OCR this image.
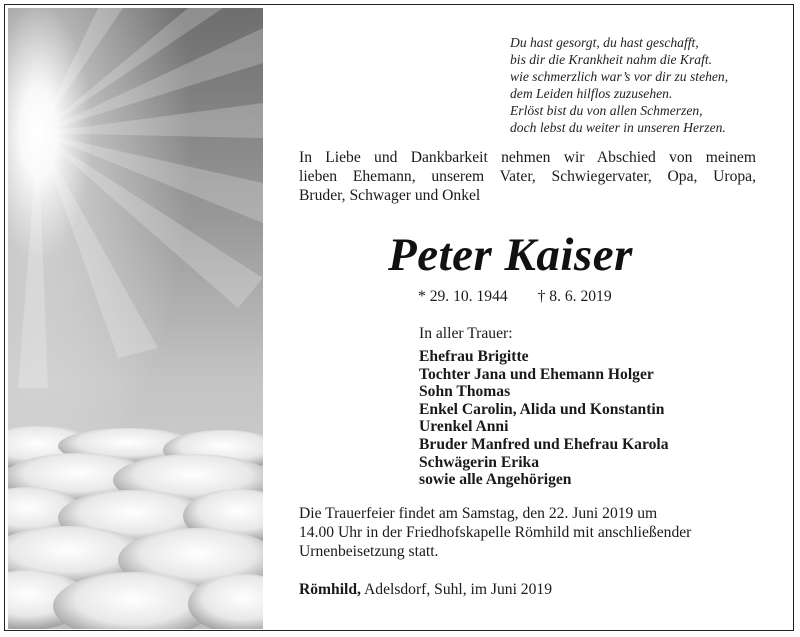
Du hast gesorgt, du hast geschafft,
bis dir die Krankheit nahm die Kraft.
wie schmerzlich war’s vor dir zu stehen,
dem Leiden hilflos zuzusehen.
Erlöst bist du von allen Schmerzen,
doch lebst du weiter in unseren Herzen.
In Liebe und Dankbarkeit nehmen wir Abschied von meinem
lieben Ehemann, unserem Vater, Schwiegervater, Opa, Uropa,
Bruder, Schwager und Onkel
Peter Kaiser
* 29. 10. 1944 † 8. 6. 2019
In aller Trauer:
Ehefrau Brigitte
Tochter Jana und Ehemann Holger
Sohn Thomas
Enkel Carolin, Alida und Konstantin
Urenkel Anni
Bruder Manfred und Ehefrau Karola
Schwägerin Erika
sowie alle Angehörigen
Die Trauerfeier findet am Samstag, den 22. Juni 2019 um
14.00 Uhr in der Friedhofskapelle Römhild mit anschließender
Urnenbeisetzung statt.
Römhild, Adelsdorf, Suhl, im Juni 2019
